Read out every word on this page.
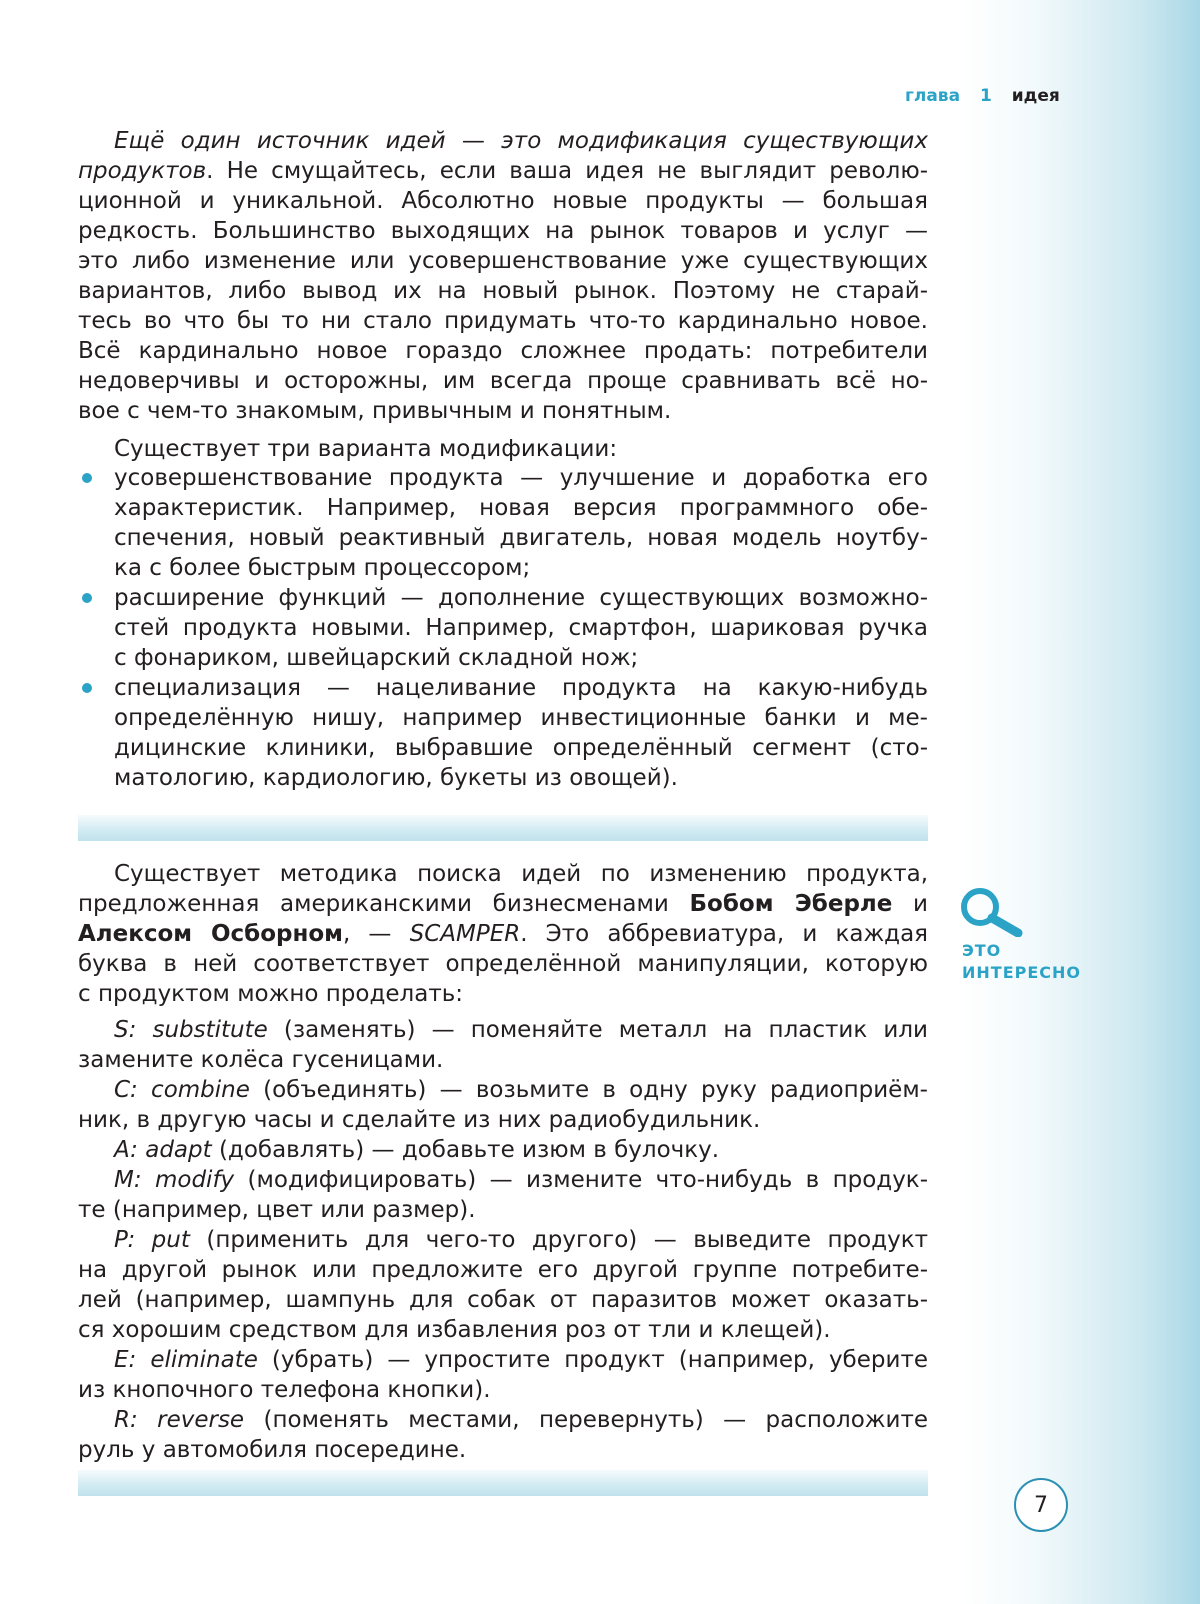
глава 1 идея
Ещё один источник идей — это модификация существующих
продуктов. Не смущайтесь, если ваша идея не выглядит револю-
ционной и уникальной. Абсолютно новые продукты — большая
редкость. Большинство выходящих на рынок товаров и услуг —
это либо изменение или усовершенствование уже существующих
вариантов, либо вывод их на новый рынок. Поэтому не старай-
тесь во что бы то ни стало придумать что-то кардинально новое.
Всё кардинально новое гораздо сложнее продать: потребители
недоверчивы и осторожны, им всегда проще сравнивать всё но-
вое с чем-то знакомым, привычным и понятным.
Существует три варианта модификации:
усовершенствование продукта — улучшение и доработка его
характеристик. Например, новая версия программного обе-
спечения, новый реактивный двигатель, новая модель ноутбу-
ка с более быстрым процессором;
расширение функций — дополнение существующих возможно-
стей продукта новыми. Например, смартфон, шариковая ручка
с фонариком, швейцарский складной нож;
специализация — нацеливание продукта на какую-нибудь
определённую нишу, например инвестиционные банки и ме-
дицинские клиники, выбравшие определённый сегмент (сто-
матологию, кардиологию, букеты из овощей).
ЭТО
ИНТЕРЕСНО
Существует методика поиска идей по изменению продукта,
предложенная американскими бизнесменами Бобом Эберле и
Алексом Осборном, — SCAMPER. Это аббревиатура, и каждая
буква в ней соответствует определённой манипуляции, которую
с продуктом можно проделать:
S: substitute (заменять) — поменяйте металл на пластик или
замените колёса гусеницами.
C: combine (объединять) — возьмите в одну руку радиоприём-
ник, в другую часы и сделайте из них радиобудильник.
A: adapt (добавлять) — добавьте изюм в булочку.
M: modify (модифицировать) — измените что-нибудь в продук-
те (например, цвет или размер).
P: put (применить для чего-то другого) — выведите продукт
на другой рынок или предложите его другой группе потребите-
лей (например, шампунь для собак от паразитов может оказать-
ся хорошим средством для избавления роз от тли и клещей).
E: eliminate (убрать) — упростите продукт (например, уберите
из кнопочного телефона кнопки).
R: reverse (поменять местами, перевернуть) — расположите
руль у автомобиля посередине.
7
